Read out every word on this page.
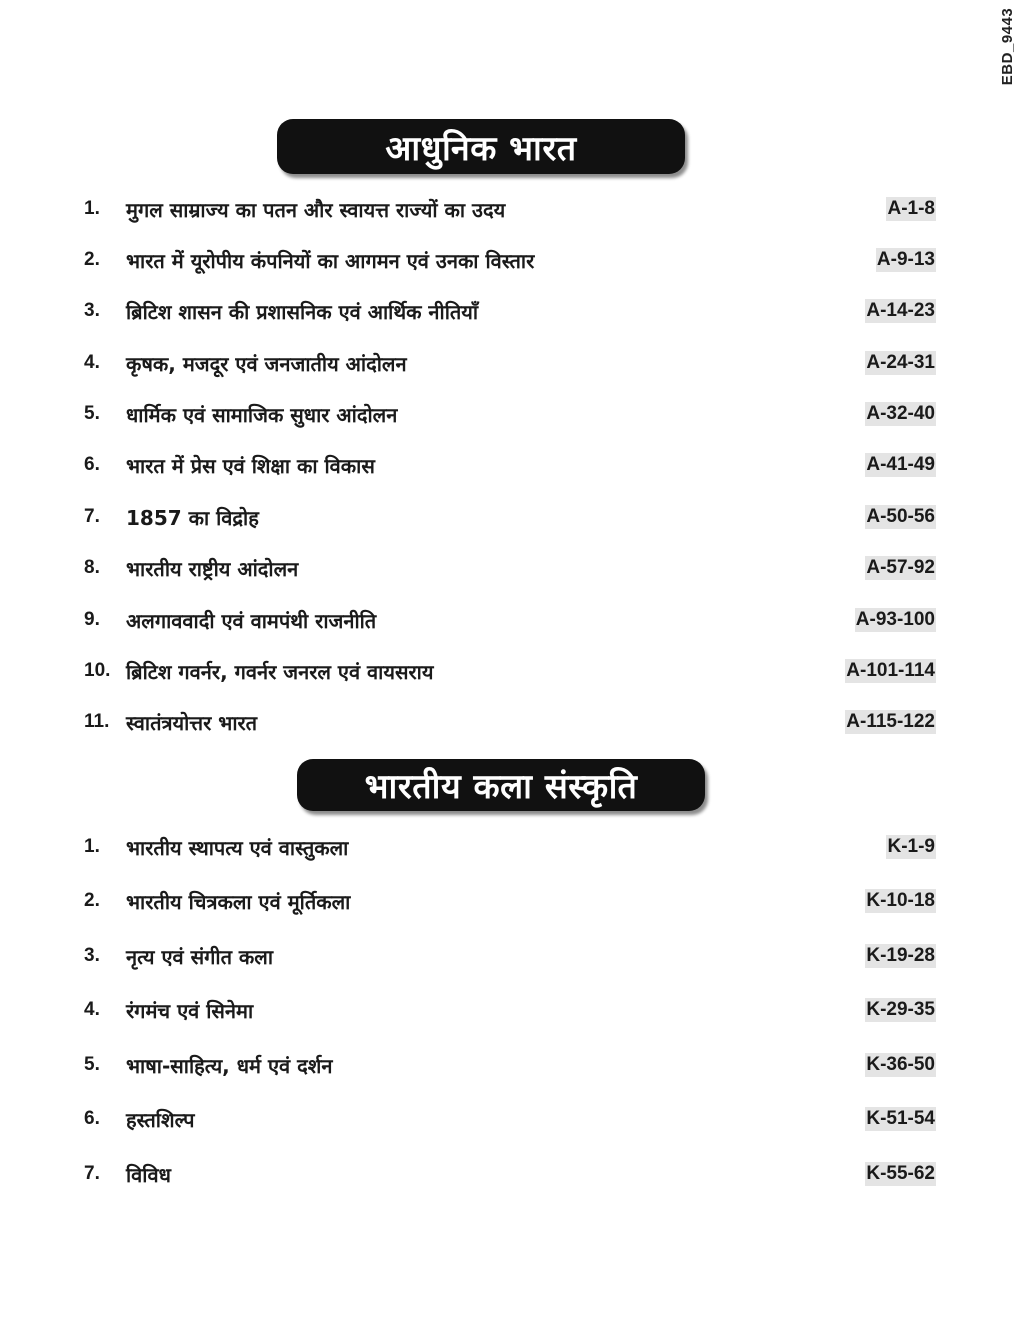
EBD_9443
आधुनिक भारत
1.	मुगल साम्राज्य का पतन और स्वायत्त राज्यों का उदय	A-1-8
2.	भारत में यूरोपीय कंपनियों का आगमन एवं उनका विस्तार	A-9-13
3.	ब्रिटिश शासन की प्रशासनिक एवं आर्थिक नीतियाँ	A-14-23
4.	कृषक, मजदूर एवं जनजातीय आंदोलन	A-24-31
5.	धार्मिक एवं सामाजिक सुधार आंदोलन	A-32-40
6.	भारत में प्रेस एवं शिक्षा का विकास	A-41-49
7.	1857 का विद्रोह	A-50-56
8.	भारतीय राष्ट्रीय आंदोलन	A-57-92
9.	अलगाववादी एवं वामपंथी राजनीति	A-93-100
10. ब्रिटिश गवर्नर, गवर्नर जनरल एवं वायसराय	A-101-114
11. स्वातंत्रयोत्तर भारत	A-115-122
भारतीय कला संस्कृति
1.	भारतीय स्थापत्य एवं वास्तुकला	K-1-9
2.	भारतीय चित्रकला एवं मूर्तिकला	K-10-18
3.	नृत्य एवं संगीत कला	K-19-28
4.	रंगमंच एवं सिनेमा	K-29-35
5.	भाषा-साहित्य, धर्म एवं दर्शन	K-36-50
6.	हस्तशिल्प	K-51-54
7.	विविध	K-55-62
